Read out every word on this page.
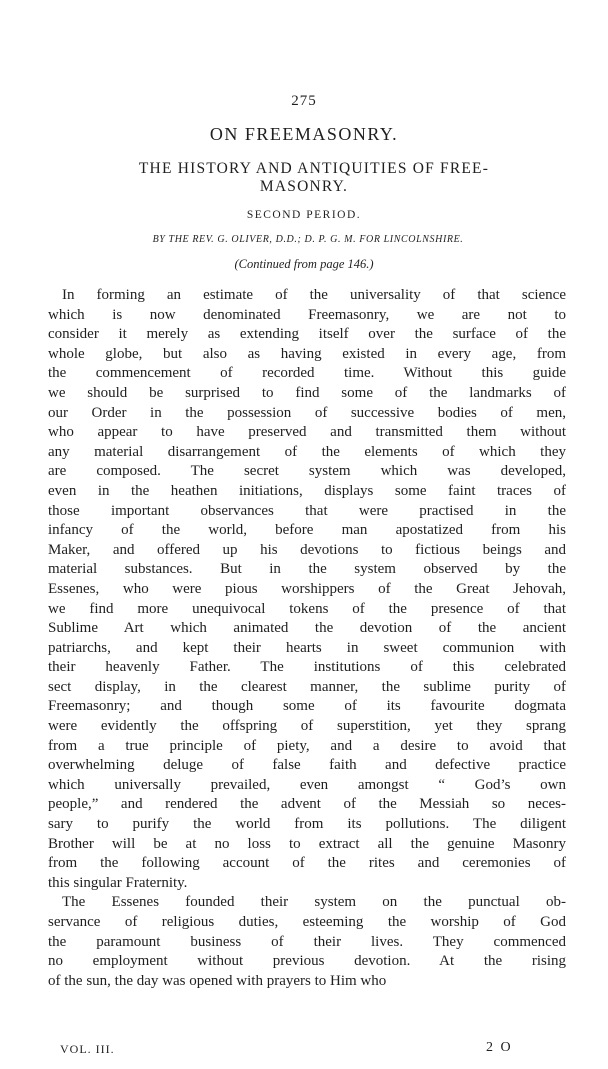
275
ON FREEMASONRY.
THE HISTORY AND ANTIQUITIES OF FREE-
MASONRY.
SECOND PERIOD.
BY THE REV. G. OLIVER, D.D.; D. P. G. M. FOR LINCOLNSHIRE.
(Continued from page 146.)
In forming an estimate of the universality of that science
which is now denominated Freemasonry, we are not to
consider it merely as extending itself over the surface of the
whole globe, but also as having existed in every age, from
the commencement of recorded time. Without this guide
we should be surprised to find some of the landmarks of
our Order in the possession of successive bodies of men,
who appear to have preserved and transmitted them without
any material disarrangement of the elements of which they
are composed. The secret system which was developed,
even in the heathen initiations, displays some faint traces of
those important observances that were practised in the
infancy of the world, before man apostatized from his
Maker, and offered up his devotions to fictious beings and
material substances. But in the system observed by the
Essenes, who were pious worshippers of the Great Jehovah,
we find more unequivocal tokens of the presence of that
Sublime Art which animated the devotion of the ancient
patriarchs, and kept their hearts in sweet communion with
their heavenly Father. The institutions of this celebrated
sect display, in the clearest manner, the sublime purity of
Freemasonry; and though some of its favourite dogmata
were evidently the offspring of superstition, yet they sprang
from a true principle of piety, and a desire to avoid that
overwhelming deluge of false faith and defective practice
which universally prevailed, even amongst “ God’s own
people,” and rendered the advent of the Messiah so neces-
sary to purify the world from its pollutions. The diligent
Brother will be at no loss to extract all the genuine Masonry
from the following account of the rites and ceremonies of
this singular Fraternity.
The Essenes founded their system on the punctual ob-
servance of religious duties, esteeming the worship of God
the paramount business of their lives. They commenced
no employment without previous devotion. At the rising
of the sun, the day was opened with prayers to Him who
VOL. III.	2 O
